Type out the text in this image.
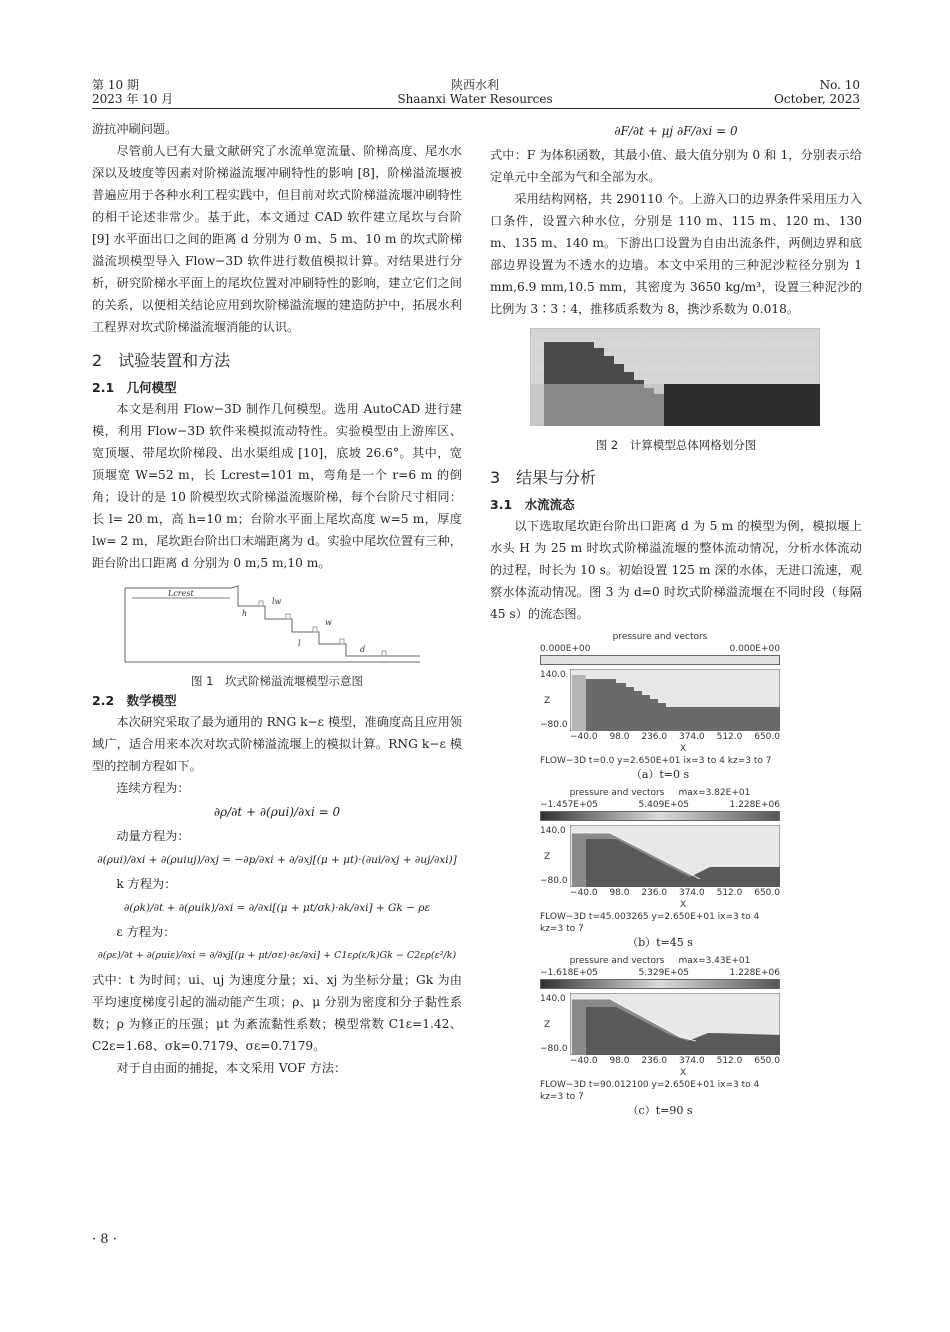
第 10 期
2023 年 10 月
陕西水利
Shaanxi Water Resources
No. 10
October, 2023

游抗冲刷问题。

尽管前人已有大量文献研究了水流单宽流量、阶梯高度、尾水水深以及坡度等因素对阶梯溢流堰冲刷特性的影响 [8]，阶梯溢流堰被普遍应用于各种水利工程实践中，但目前对坎式阶梯溢流堰冲刷特性的相干论述非常少。基于此，本文通过 CAD 软件建立尾坎与台阶 [9] 水平面出口之间的距离 d 分别为 0 m、5 m、10 m 的坎式阶梯溢流坝模型导入 Flow−3D 软件进行数值模拟计算。对结果进行分析，研究阶梯水平面上的尾坎位置对冲刷特性的影响，建立它们之间的关系，以便相关结论应用到坎阶梯溢流堰的建造防护中，拓展水利工程界对坎式阶梯溢流堰消能的认识。

2　试验装置和方法
2.1　几何模型

本文是利用 Flow−3D 制作几何模型。选用 AutoCAD 进行建模，利用 Flow−3D 软件来模拟流动特性。实验模型由上游库区、宽顶堰、带尾坎阶梯段、出水渠组成 [10]，底坡 26.6°。其中，宽顶堰宽 W=52 m，长 Lcrest=101 m，弯角是一个 r=6 m 的倒角；设计的是 10 阶模型坎式阶梯溢流堰阶梯，每个台阶尺寸相同：长 l= 20 m，高 h=10 m；台阶水平面上尾坎高度 w=5 m，厚度 lw= 2 m，尾坎距台阶出口末端距离为 d。实验中尾坎位置有三种，距台阶出口距离 d 分别为 0 m,5 m,10 m。

Lcrest
h
lw
w
l
d
图 1　坎式阶梯溢流堰模型示意图
2.2　数学模型

本次研究采取了最为通用的 RNG k−ε 模型，准确度高且应用领域广，适合用来本次对坎式阶梯溢流堰上的模拟计算。RNG k−ε 模型的控制方程如下。

连续方程为：
∂ρ/∂t + ∂(ρui)/∂xi = 0
动量方程为：
∂(ρui)/∂xi + ∂(ρuiuj)/∂xj = −∂p/∂xi + ∂/∂xj[(μ + μt)·(∂ui/∂xj + ∂uj/∂xi)]
k 方程为：
∂(ρk)/∂t + ∂(ρuik)/∂xi = ∂/∂xi[(μ + μt/σk)·∂k/∂xi] + Gk − ρε
ε 方程为：
∂(ρε)/∂t + ∂(ρuiε)/∂xi = ∂/∂xj[(μ + μt/σε)·∂ε/∂xi] + C1ερ(ε/k)Gk − C2ερ(ε²/k)

式中：t 为时间；ui、uj 为速度分量；xi、xj 为坐标分量；Gk 为由平均速度梯度引起的湍动能产生项；ρ、μ 分别为密度和分子黏性系数；ρ 为修正的压强；μt 为紊流黏性系数；模型常数 C1ε=1.42、C2ε=1.68、σk=0.7179、σε=0.7179。

对于自由面的捕捉，本文采用 VOF 方法：

∂F/∂t + μj ∂F/∂xi = 0

式中：F 为体积函数，其最小值、最大值分别为 0 和 1，分别表示给定单元中全部为气和全部为水。

采用结构网格，共 290110 个。上游入口的边界条件采用压力入口条件，设置六种水位，分别是 110 m、115 m、120 m、130 m、135 m、140 m。下游出口设置为自由出流条件，两侧边界和底部边界设置为不透水的边墙。本文中采用的三种泥沙粒径分别为 1 mm,6.9 mm,10.5 mm，其密度为 3650 kg/m³，设置三种泥沙的比例为 3∶3∶4，推移质系数为 8，携沙系数为 0.018。

图 2　计算模型总体网格划分图
3　结果与分析
3.1　水流流态

以下选取尾坎距台阶出口距离 d 为 5 m 的模型为例，模拟堰上水头 H 为 25 m 时坎式阶梯溢流堰的整体流动情况，分析水体流动的过程，时长为 10 s。初始设置 125 m 深的水体，无进口流速，观察水体流动情况。图 3 为 d=0 时坎式阶梯溢流堰在不同时段（每隔 45 s）的流态图。

pressure and vectors
0.000E+00	0.000E+00
140.0
Z
−80.0
−40.0 98.0 236.0 374.0 512.0 650.0
X
FLOW−3D t=0.0 y=2.650E+01 ix=3 to 4 kz=3 to 7
（a）t=0 s
pressure and vectors max=3.82E+01
−1.457E+05	5.409E+05	1.228E+06
140.0
Z
−80.0
−40.0 98.0 236.0 374.0 512.0 650.0
X
FLOW−3D t=45.003265 y=2.650E+01 ix=3 to 4 kz=3 to 7
（b）t=45 s
pressure and vectors max=3.43E+01
−1.618E+05	5.329E+05	1.228E+06
140.0
Z
−80.0
−40.0 98.0 236.0 374.0 512.0 650.0
X
FLOW−3D t=90.012100 y=2.650E+01 ix=3 to 4 kz=3 to 7
（c）t=90 s
· 8 ·
